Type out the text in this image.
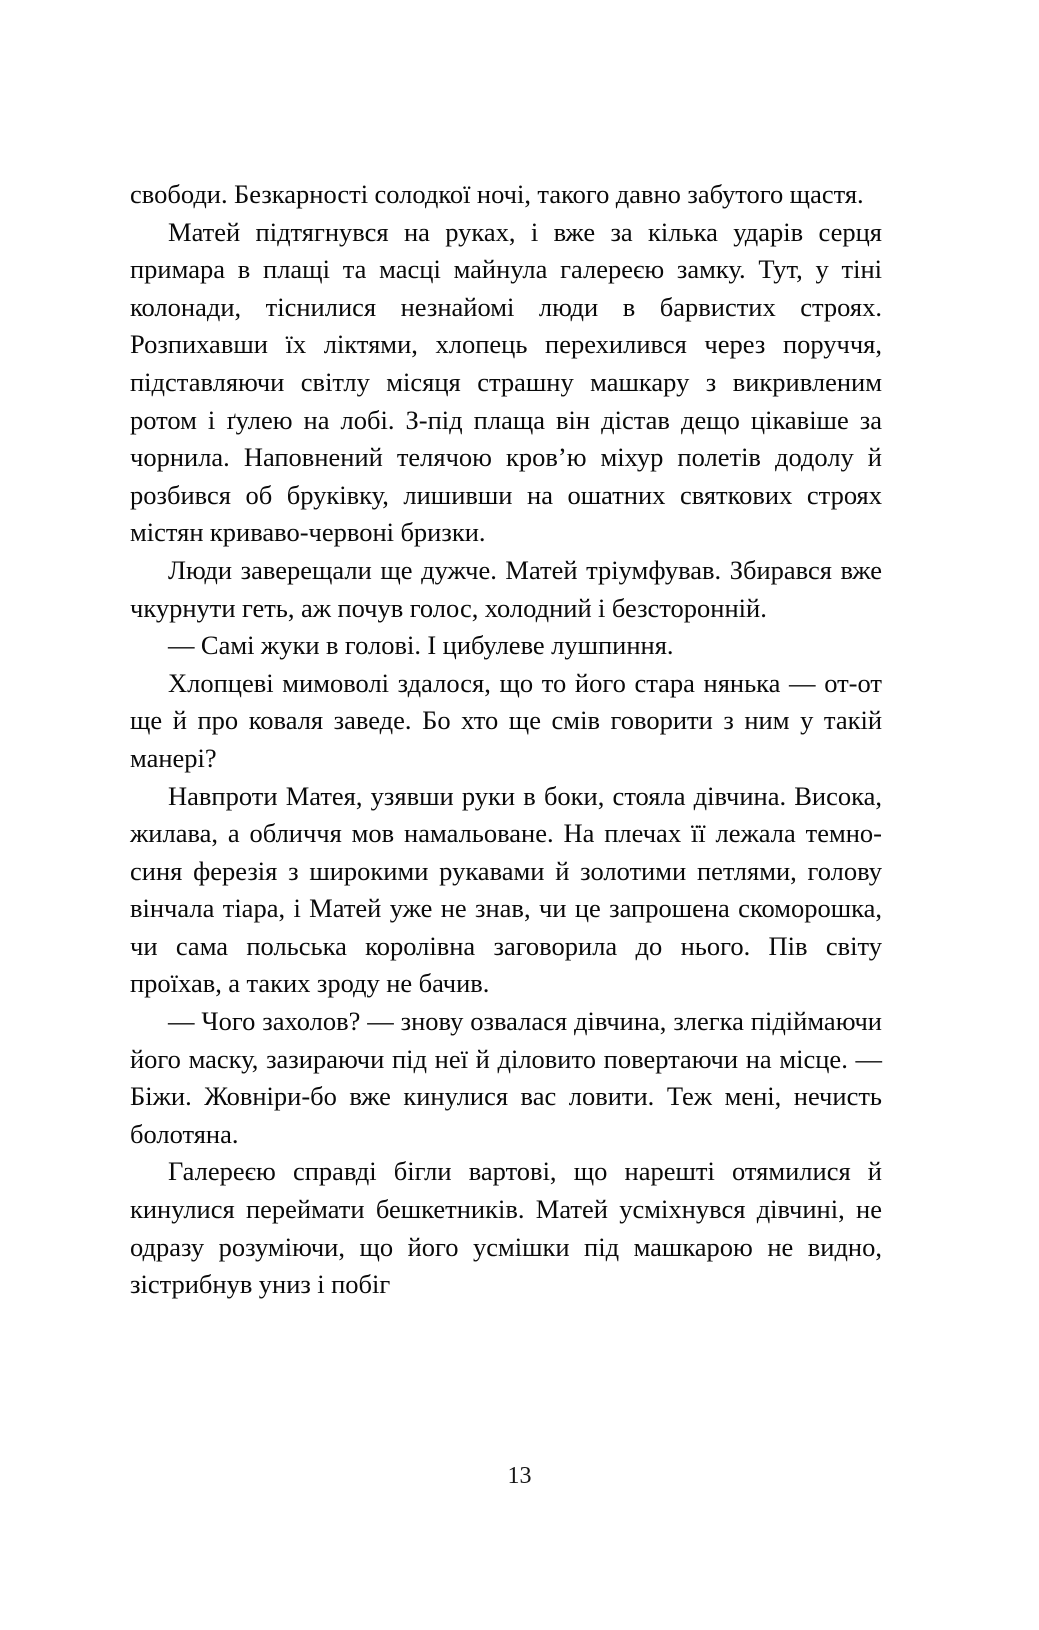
свободи. Безкарності солодкої ночі, такого давно забутого щастя.

Матей підтягнувся на руках, і вже за кілька ударів серця примара в плащі та масці майнула галереєю замку. Тут, у тіні колонади, тіснилися незнайомі люди в барвистих строях. Розпихавши їх ліктями, хлопець перехилився через поруччя, підставляючи світлу місяця страшну машкару з викривленим ротом і ґулею на лобі. З-під плаща він дістав дещо цікавіше за чорнила. Наповнений телячою кров’ю міхур полетів додолу й розбився об бруківку, лишивши на ошатних святкових строях містян криваво-червоні бризки.

Люди заверещали ще дужче. Матей тріумфував. Збирався вже чкурнути геть, аж почув голос, холодний і безсторонній.

— Самі жуки в голові. І цибулеве лушпиння.

Хлопцеві мимоволі здалося, що то його стара нянька — от-от ще й про коваля заведе. Бо хто ще смів говорити з ним у такій манері?

Навпроти Матея, узявши руки в боки, стояла дівчина. Висока, жилава, а обличчя мов намальоване. На плечах її лежала темно-синя ферезія з широкими рукавами й золотими петлями, голову вінчала тіара, і Матей уже не знав, чи це запрошена скоморошка, чи сама польська королівна заговорила до нього. Пів світу проїхав, а таких зроду не бачив.

— Чого захолов? — знову озвалася дівчина, злегка підіймаючи його маску, зазираючи під неї й діловито повертаючи на місце. — Біжи. Жовніри-бо вже кинулися вас ловити. Теж мені, нечисть болотяна.

Галереєю справді бігли вартові, що нарешті отямилися й кинулися переймати бешкетників. Матей усміхнувся дівчині, не одразу розуміючи, що його усмішки під машкарою не видно, зістрибнув униз і побіг

13
